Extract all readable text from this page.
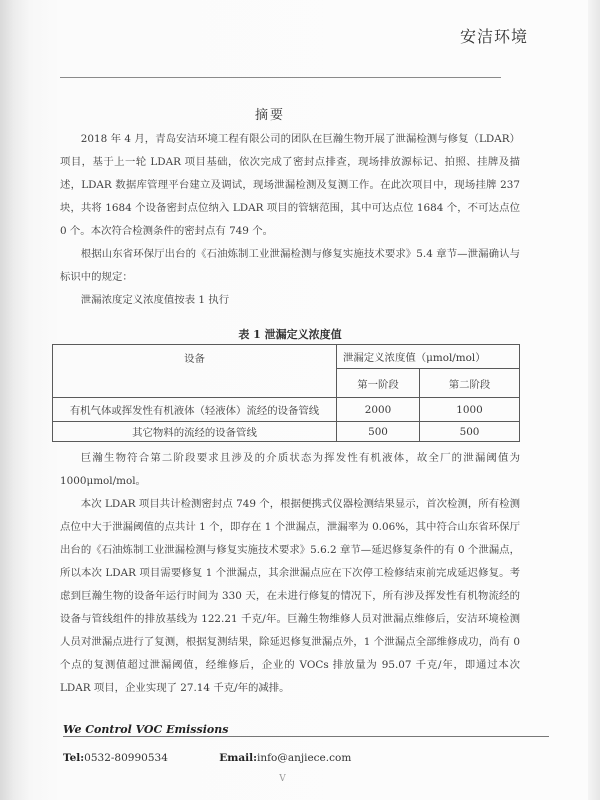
安洁环境
摘要

2018 年 4 月，青岛安洁环境工程有限公司的团队在巨瀚生物开展了泄漏检测与修复（LDAR）项目，基于上一轮 LDAR 项目基础，依次完成了密封点排查，现场排放源标记、拍照、挂牌及描述，LDAR 数据库管理平台建立及调试，现场泄漏检测及复测工作。在此次项目中，现场挂牌 237 块，共将 1684 个设备密封点位纳入 LDAR 项目的管辖范围，其中可达点位 1684 个，不可达点位 0 个。本次符合检测条件的密封点有 749 个。

根据山东省环保厅出台的《石油炼制工业泄漏检测与修复实施技术要求》5.4 章节—泄漏确认与标识中的规定：

泄漏浓度定义浓度值按表 1 执行

表 1 泄漏定义浓度值
设备	泄漏定义浓度值（μmol/mol）	
	第一阶段	第二阶段
有机气体或挥发性有机液体（轻液体）流经的设备管线	2000	1000
其它物料的流经的设备管线	500	500

巨瀚生物符合第二阶段要求且涉及的介质状态为挥发性有机液体，故全厂的泄漏阈值为 1000μmol/mol。

本次 LDAR 项目共计检测密封点 749 个，根据便携式仪器检测结果显示，首次检测，所有检测点位中大于泄漏阈值的点共计 1 个，即存在 1 个泄漏点，泄漏率为 0.06%，其中符合山东省环保厅出台的《石油炼制工业泄漏检测与修复实施技术要求》5.6.2 章节—延迟修复条件的有 0 个泄漏点，所以本次 LDAR 项目需要修复 1 个泄漏点，其余泄漏点应在下次停工检修结束前完成延迟修复。考虑到巨瀚生物的设备年运行时间为 330 天，在未进行修复的情况下，所有涉及挥发性有机物流经的设备与管线组件的排放基线为 122.21 千克/年。巨瀚生物维修人员对泄漏点维修后，安洁环境检测人员对泄漏点进行了复测，根据复测结果，除延迟修复泄漏点外，1 个泄漏点全部维修成功，尚有 0 个点的复测值超过泄漏阈值，经维修后，企业的 VOCs 排放量为 95.07 千克/年，即通过本次 LDAR 项目，企业实现了 27.14 千克/年的减排。

We Control VOC Emissions
Tel:0532-80990534	Email:info@anjiece.com
V
